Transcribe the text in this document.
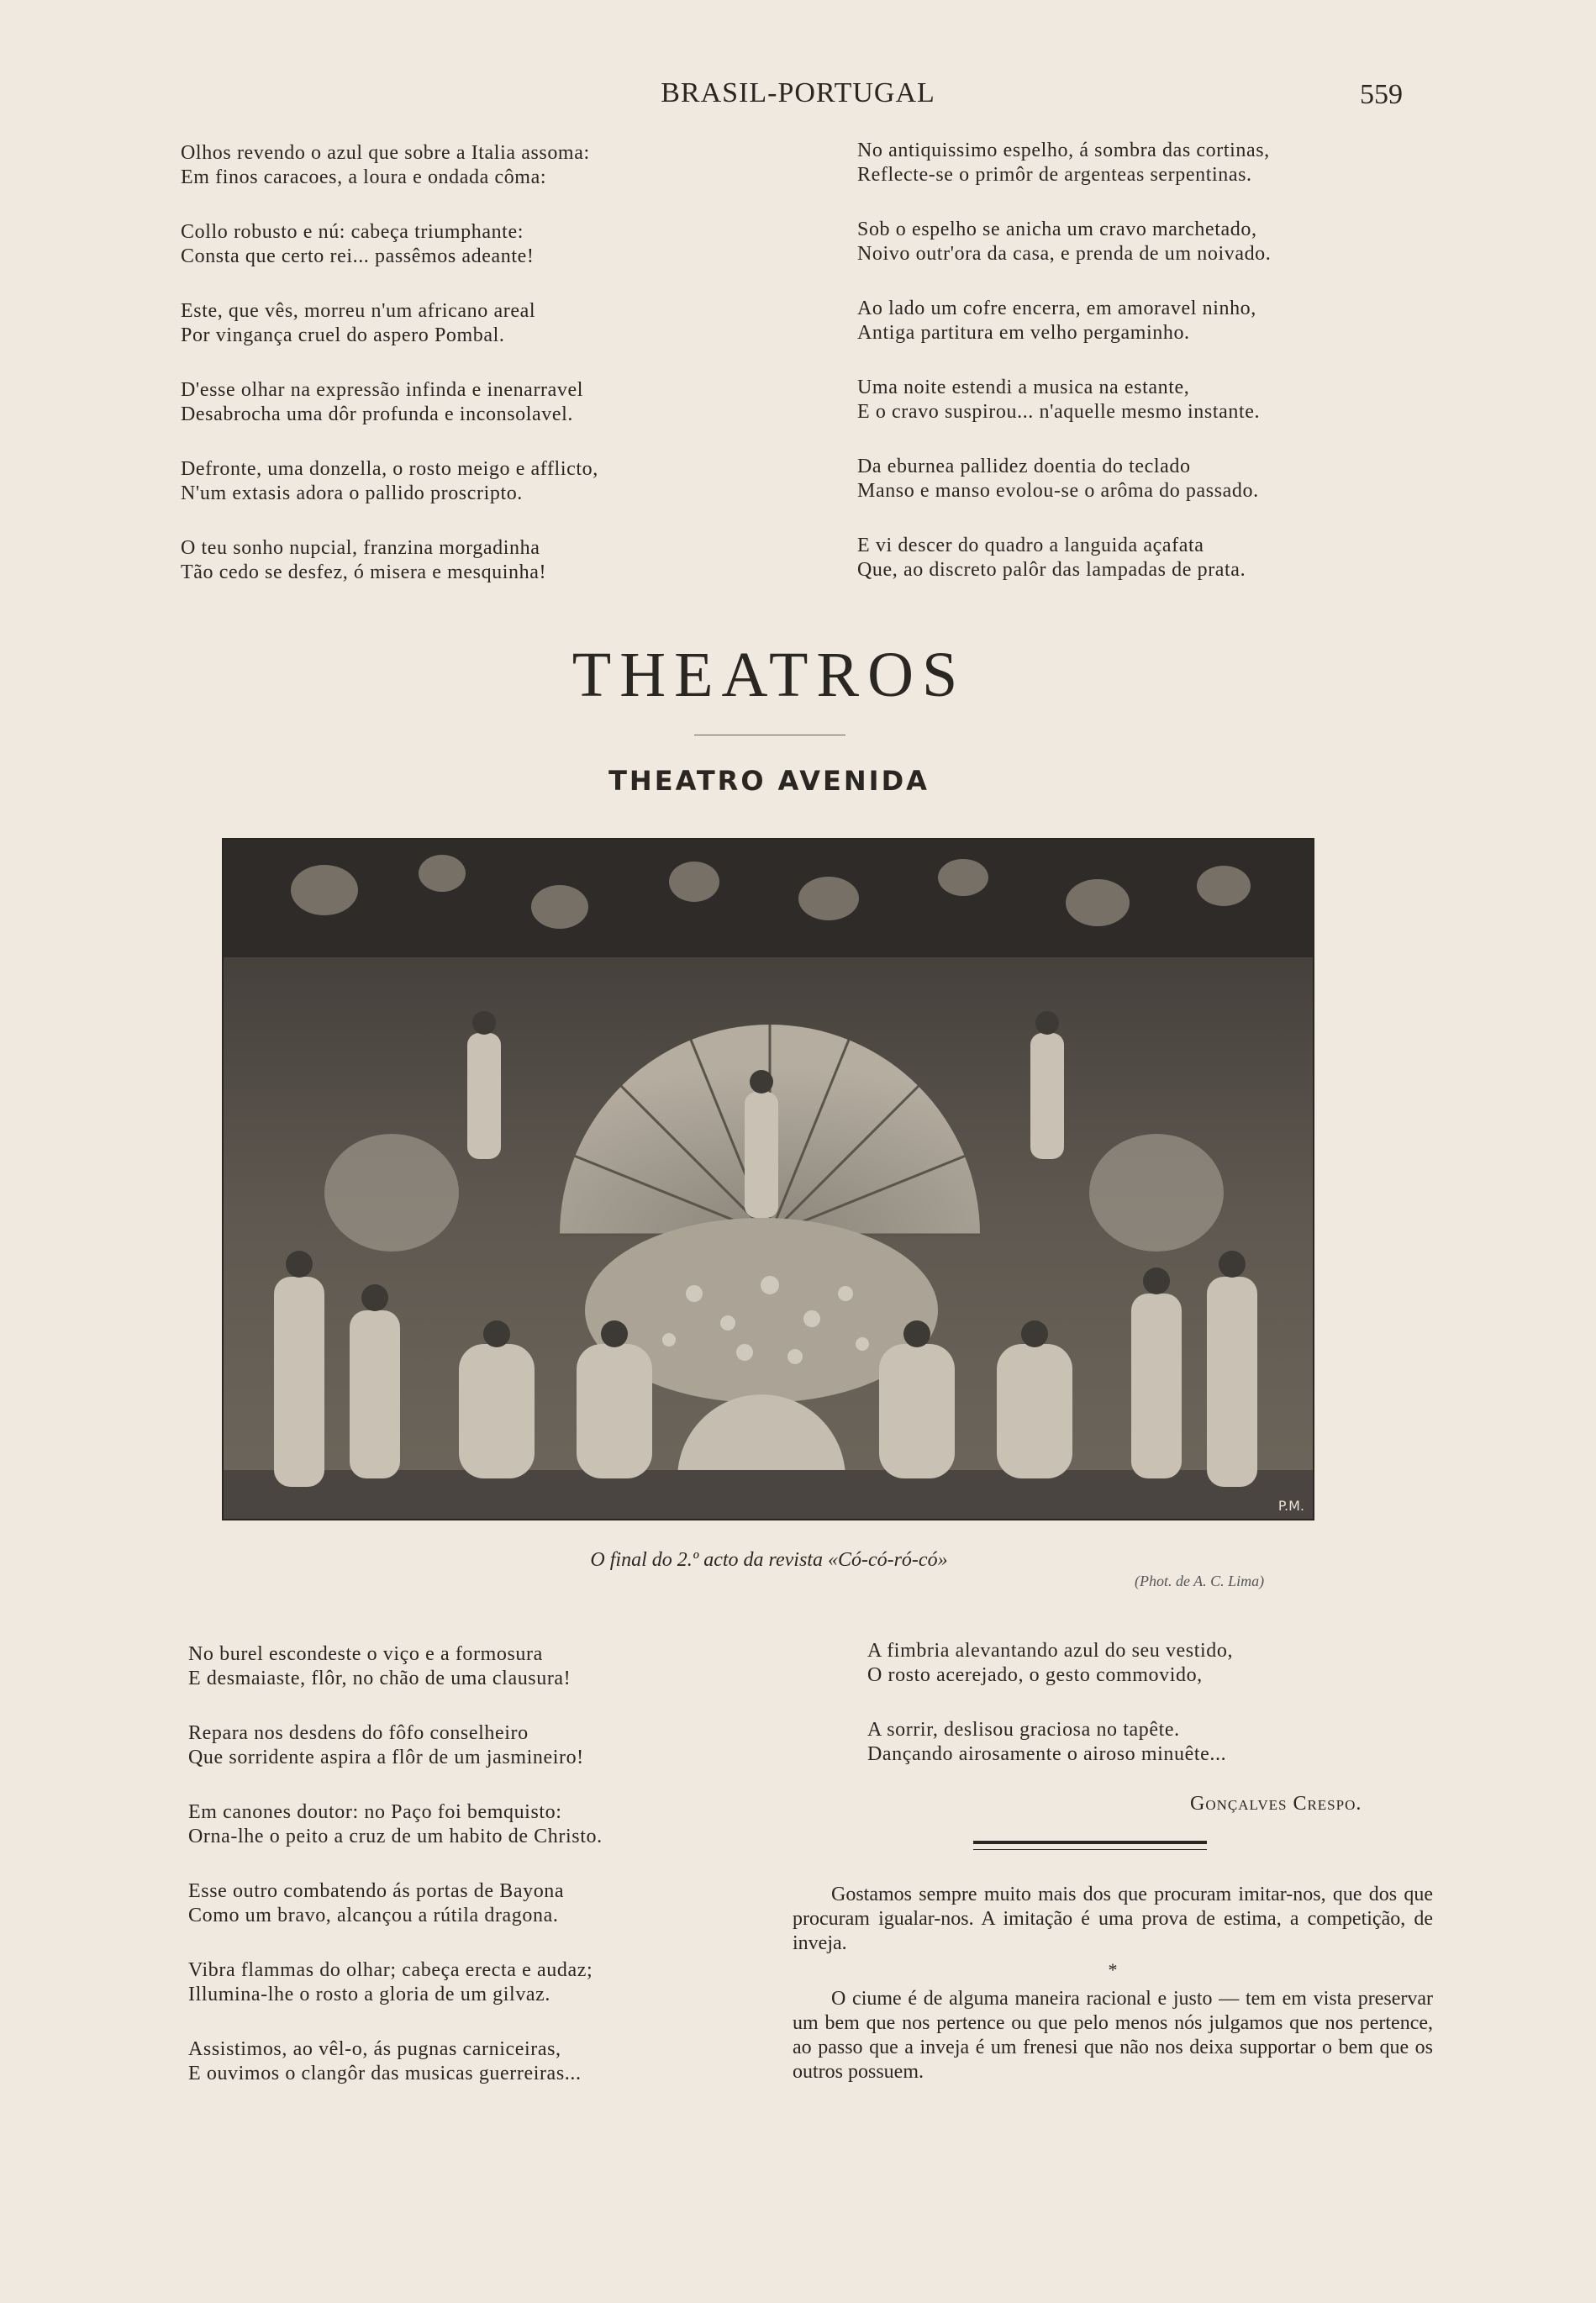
BRASIL-PORTUGAL	559
Olhos revendo o azul que sobre a Italia assoma:
Em finos caracoes, a loura e ondada côma:
Collo robusto e nú: cabeça triumphante:
Consta que certo rei... passêmos adeante!
Este, que vês, morreu n'um africano areal
Por vingança cruel do aspero Pombal.
D'esse olhar na expressão infinda e inenarravel
Desabrocha uma dôr profunda e inconsolavel.
Defronte, uma donzella, o rosto meigo e afflicto,
N'um extasis adora o pallido proscripto.
O teu sonho nupcial, franzina morgadinha
Tão cedo se desfez, ó misera e mesquinha!
No antiquissimo espelho, á sombra das cortinas,
Reflecte-se o primôr de argenteas serpentinas.
Sob o espelho se anicha um cravo marchetado,
Noivo outr'ora da casa, e prenda de um noivado.
Ao lado um cofre encerra, em amoravel ninho,
Antiga partitura em velho pergaminho.
Uma noite estendi a musica na estante,
E o cravo suspirou... n'aquelle mesmo instante.
Da eburnea pallidez doentia do teclado
Manso e manso evolou-se o arôma do passado.
E vi descer do quadro a languida açafata
Que, ao discreto palôr das lampadas de prata.
THEATROS
THEATRO AVENIDA
P.M.
O final do 2.º acto da revista «Có-có-ró-có»
(Phot. de A. C. Lima)
No burel escondeste o viço e a formosura
E desmaiaste, flôr, no chão de uma clausura!
Repara nos desdens do fôfo conselheiro
Que sorridente aspira a flôr de um jasmineiro!
Em canones doutor: no Paço foi bemquisto:
Orna-lhe o peito a cruz de um habito de Christo.
Esse outro combatendo ás portas de Bayona
Como um bravo, alcançou a rútila dragona.
Vibra flammas do olhar; cabeça erecta e audaz;
Illumina-lhe o rosto a gloria de um gilvaz.
Assistimos, ao vêl-o, ás pugnas carniceiras,
E ouvimos o clangôr das musicas guerreiras...
A fimbria alevantando azul do seu vestido,
O rosto acerejado, o gesto commovido,
A sorrir, deslisou graciosa no tapête.
Dançando airosamente o airoso minuête...
Gonçalves Crespo.

Gostamos sempre muito mais dos que procuram imitar-nos, que dos que procuram igualar-nos. A imitação é uma prova de estima, a competição, de inveja.

*

O ciume é de alguma maneira racional e justo — tem em vista preservar um bem que nos pertence ou que pelo menos nós julgamos que nos pertence, ao passo que a inveja é um frenesi que não nos deixa supportar o bem que os outros possuem.
